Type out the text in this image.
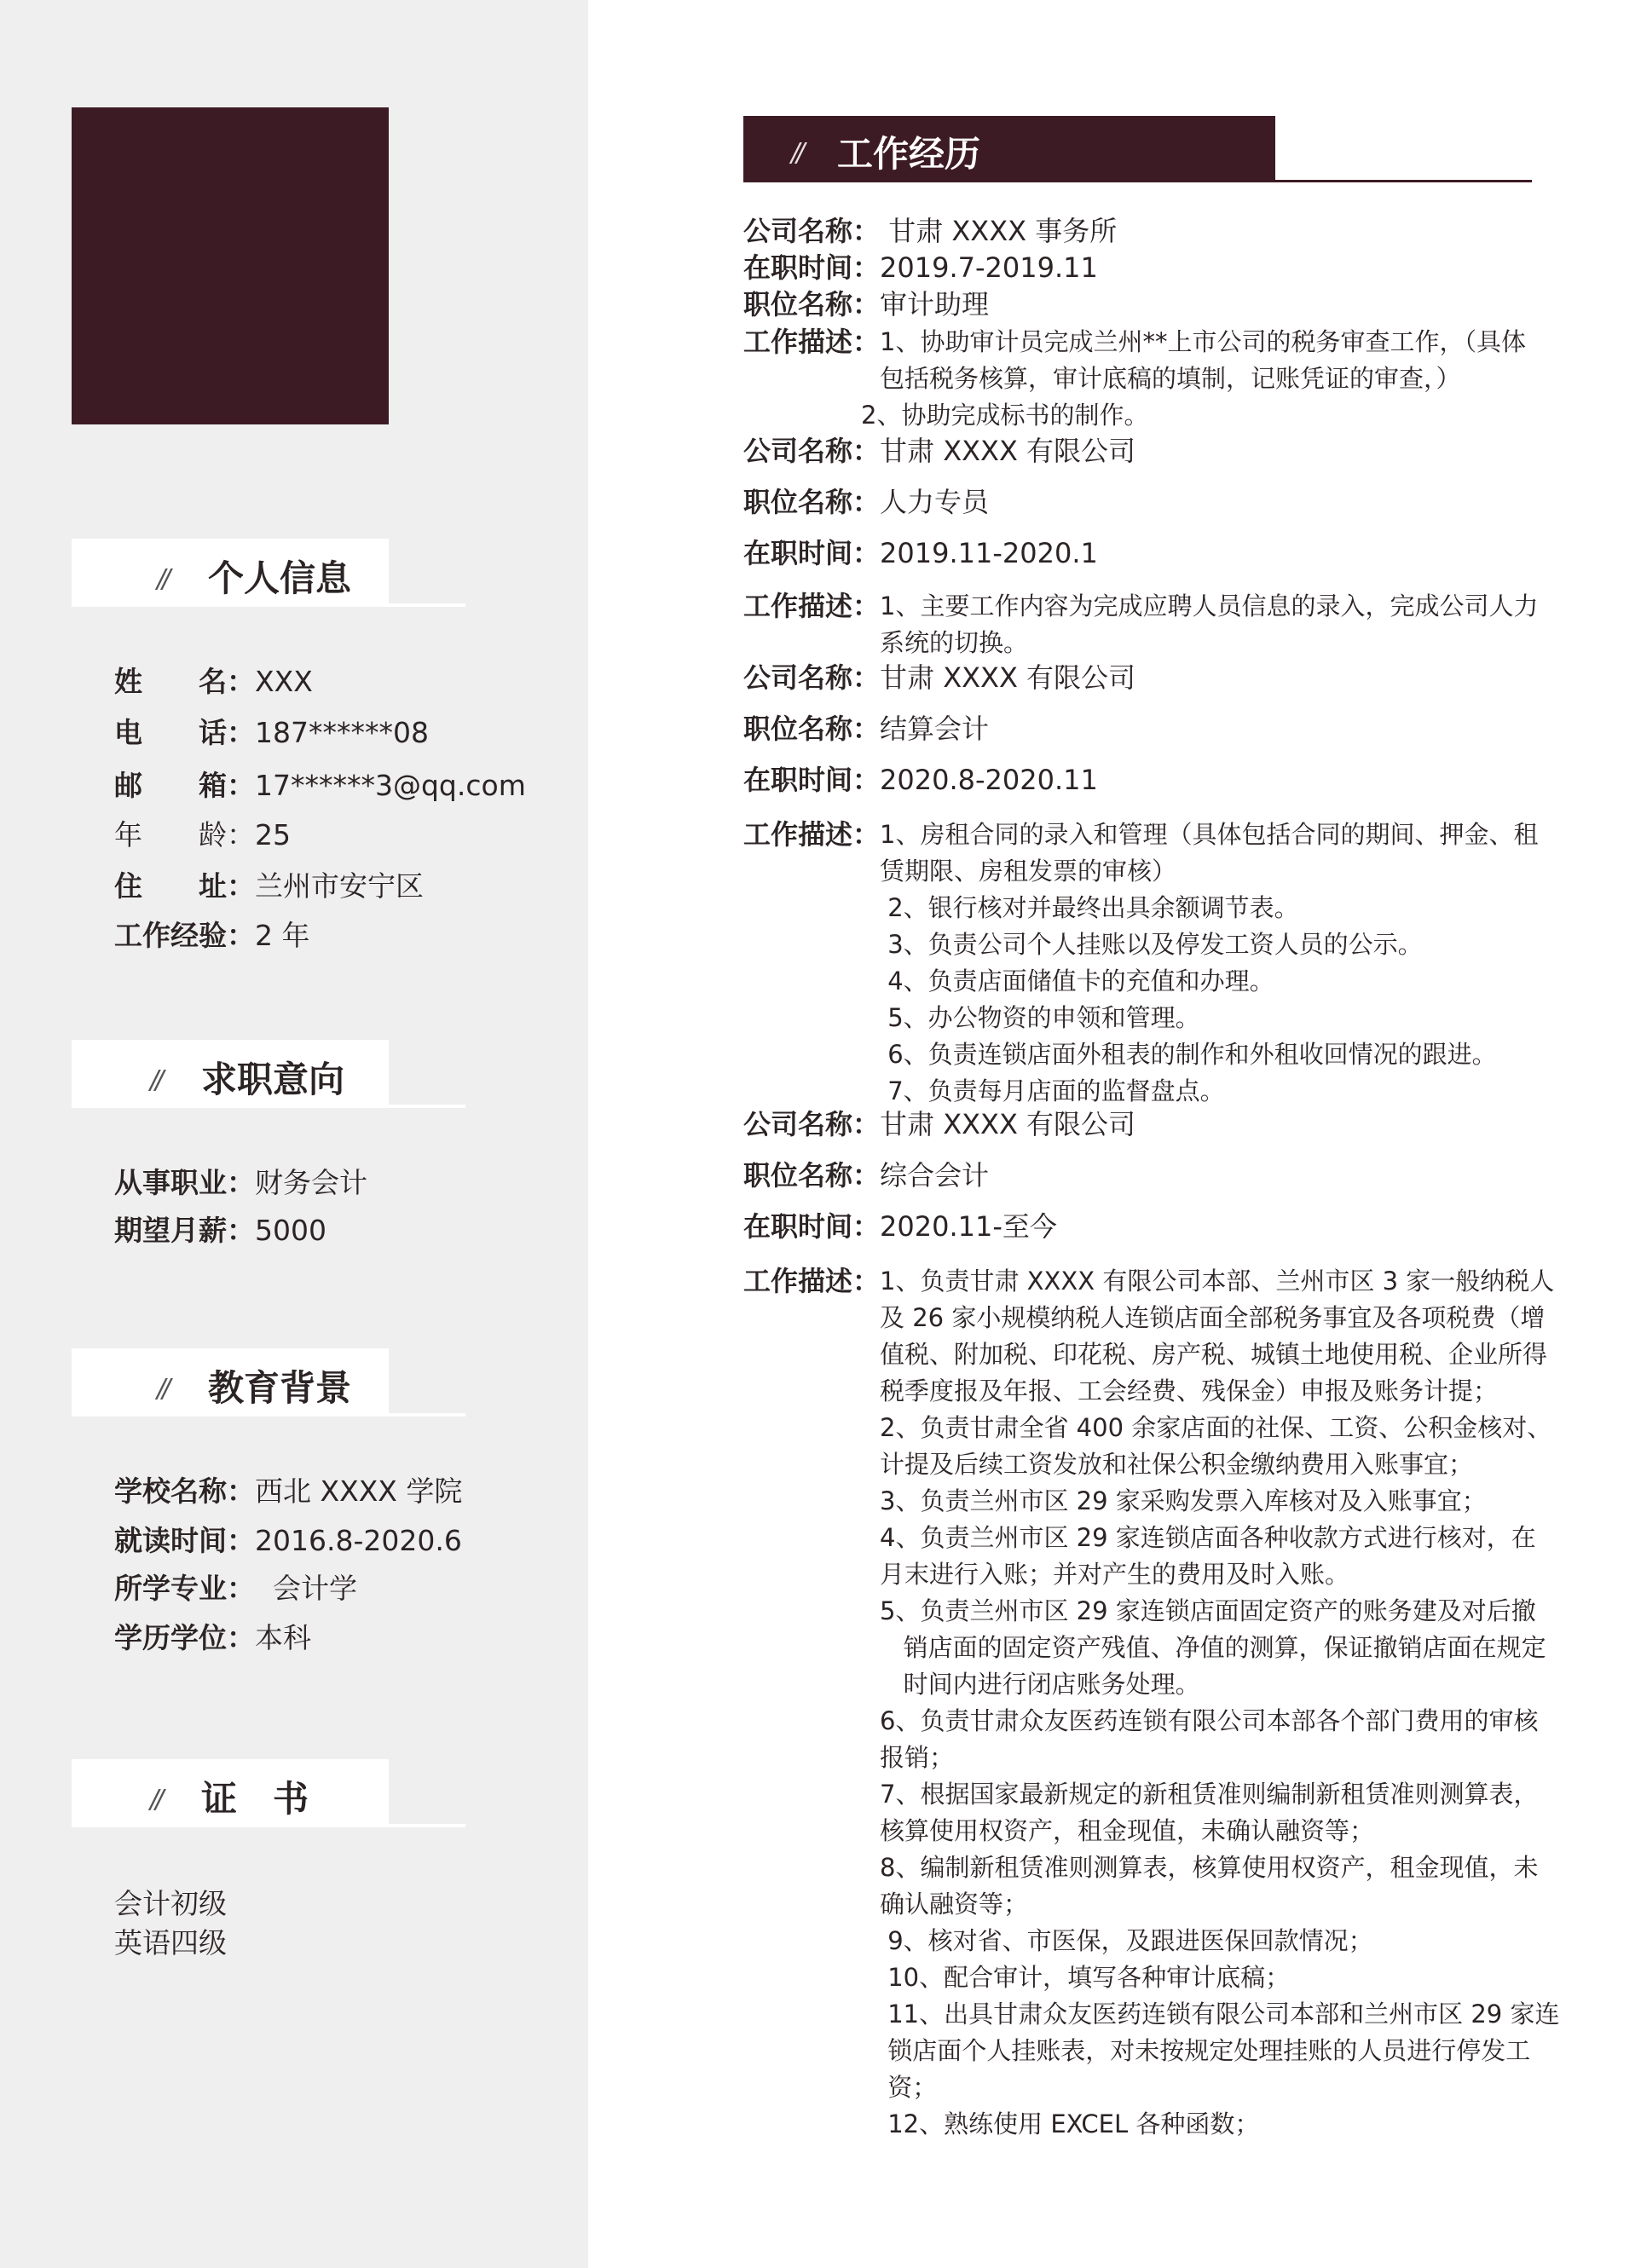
// 个人信息
姓　　名：XXX
电　　话：187******08
邮　　箱：17******3@qq.com
年　　龄：25
住　　址：兰州市安宁区
工作经验：2 年
// 求职意向
从事职业：财务会计
期望月薪：5000
// 教育背景
学校名称：西北 XXXX 学院
就读时间：2016.8-2020.6
所学专业：  会计学
学历学位：本科
// 证　书
会计初级
英语四级
// 工作经历
公司名称： 甘肃 XXXX 事务所
在职时间：2019.7-2019.11
职位名称：审计助理
工作描述： 1、协助审计员完成兰州**上市公司的税务审查工作，（具体
包括税务核算，审计底稿的填制，记账凭证的审查，）
2、协助完成标书的制作。
公司名称：甘肃 XXXX 有限公司
职位名称：人力专员
在职时间：2019.11-2020.1
工作描述： 1、主要工作内容为完成应聘人员信息的录入，完成公司人力
系统的切换。
公司名称：甘肃 XXXX 有限公司
职位名称：结算会计
在职时间：2020.8-2020.11
工作描述： 1、房租合同的录入和管理（具体包括合同的期间、押金、租
赁期限、房租发票的审核）
2、银行核对并最终出具余额调节表。
3、负责公司个人挂账以及停发工资人员的公示。
4、负责店面储值卡的充值和办理。
5、办公物资的申领和管理。
6、负责连锁店面外租表的制作和外租收回情况的跟进。
7、负责每月店面的监督盘点。
公司名称：甘肃 XXXX 有限公司
职位名称：综合会计
在职时间：2020.11-至今
工作描述： 1、负责甘肃 XXXX 有限公司本部、兰州市区 3 家一般纳税人
及 26 家小规模纳税人连锁店面全部税务事宜及各项税费（增
值税、附加税、印花税、房产税、城镇土地使用税、企业所得
税季度报及年报、工会经费、残保金）申报及账务计提；
2、负责甘肃全省 400 余家店面的社保、工资、公积金核对、
计提及后续工资发放和社保公积金缴纳费用入账事宜；
3、负责兰州市区 29 家采购发票入库核对及入账事宜；
4、负责兰州市区 29 家连锁店面各种收款方式进行核对，在
月末进行入账；并对产生的费用及时入账。
5、负责兰州市区 29 家连锁店面固定资产的账务建及对后撤
销店面的固定资产残值、净值的测算，保证撤销店面在规定
时间内进行闭店账务处理。
6、负责甘肃众友医药连锁有限公司本部各个部门费用的审核
报销；
7、根据国家最新规定的新租赁准则编制新租赁准则测算表，
核算使用权资产，租金现值，未确认融资等；
8、编制新租赁准则测算表，核算使用权资产，租金现值，未
确认融资等；
9、核对省、市医保，及跟进医保回款情况；
10、配合审计，填写各种审计底稿；
11、出具甘肃众友医药连锁有限公司本部和兰州市区 29 家连
锁店面个人挂账表，对未按规定处理挂账的人员进行停发工
资；
12、熟练使用 EXCEL 各种函数；
